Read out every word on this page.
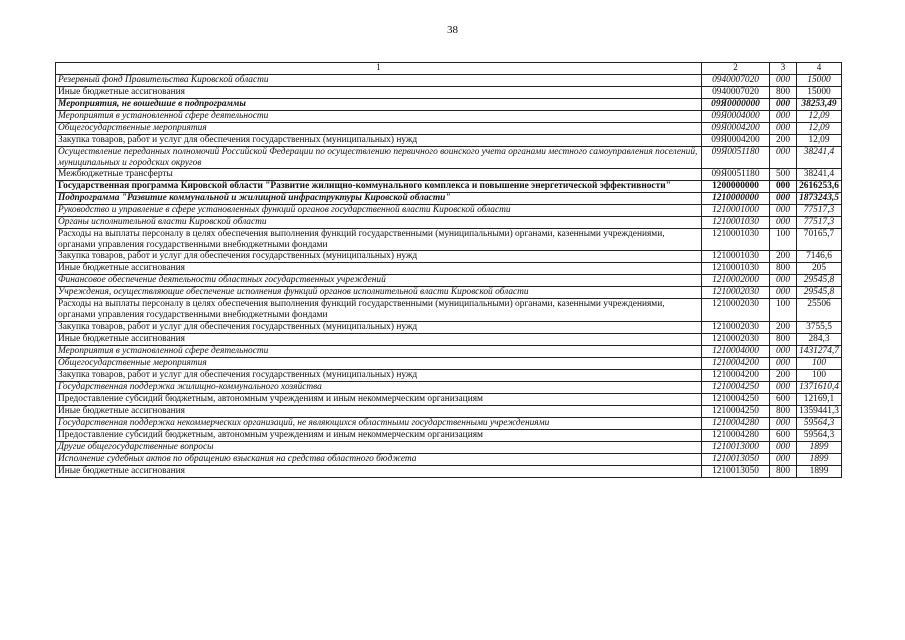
38
1	2	3	4
Резервный фонд Правительства Кировской области	0940007020	000	15000
Иные бюджетные ассигнования	0940007020	800	15000
Мероприятия, не вошедшие в подпрограммы	09Я0000000	000	38253,49
Мероприятия в установленной сфере деятельности	09Я0004000	000	12,09
Общегосударственные мероприятия	09Я0004200	000	12,09
Закупка товаров, работ и услуг для обеспечения государственных (муниципальных) нужд	09Я0004200	200	12,09
Осуществление переданных полномочий Российской Федерации по осуществлению первичного воинского учета органами местного самоуправления поселений, муниципальных и городских округов	09Я0051180	000	38241,4
Межбюджетные трансферты	09Я0051180	500	38241,4
Государственная программа Кировской области "Развитие жилищно-коммунального комплекса и повышение энергетической эффективности"	1200000000	000	2616253,6
Подпрограмма "Развитие коммунальной и жилищной инфраструктуры Кировской области"	1210000000	000	1873243,5
Руководство и управление в сфере установленных функций органов государственной власти Кировской области	1210001000	000	77517,3
Органы исполнительной власти Кировской области	1210001030	000	77517,3
Расходы на выплаты персоналу в целях обеспечения выполнения функций государственными (муниципальными) органами, казенными учреждениями, органами управления государственными внебюджетными фондами	1210001030	100	70165,7
Закупка товаров, работ и услуг для обеспечения государственных (муниципальных) нужд	1210001030	200	7146,6
Иные бюджетные ассигнования	1210001030	800	205
Финансовое обеспечение деятельности областных государственных учреждений	1210002000	000	29545,8
Учреждения, осуществляющие обеспечение исполнения функций органов исполнительной власти Кировской области	1210002030	000	29545,8
Расходы на выплаты персоналу в целях обеспечения выполнения функций государственными (муниципальными) органами, казенными учреждениями, органами управления государственными внебюджетными фондами	1210002030	100	25506
Закупка товаров, работ и услуг для обеспечения государственных (муниципальных) нужд	1210002030	200	3755,5
Иные бюджетные ассигнования	1210002030	800	284,3
Мероприятия в установленной сфере деятельности	1210004000	000	1431274,7
Общегосударственные мероприятия	1210004200	000	100
Закупка товаров, работ и услуг для обеспечения государственных (муниципальных) нужд	1210004200	200	100
Государственная поддержка жилищно-коммунального хозяйства	1210004250	000	1371610,4
Предоставление субсидий бюджетным, автономным учреждениям и иным некоммерческим организациям	1210004250	600	12169,1
Иные бюджетные ассигнования	1210004250	800	1359441,3
Государственная поддержка некоммерческих организаций, не являющихся областными государственными учреждениями	1210004280	000	59564,3
Предоставление субсидий бюджетным, автономным учреждениям и иным некоммерческим организациям	1210004280	600	59564,3
Другие общегосударственные вопросы	1210013000	000	1899
Исполнение судебных актов по обращению взыскания на средства областного бюджета	1210013050	000	1899
Иные бюджетные ассигнования	1210013050	800	1899
